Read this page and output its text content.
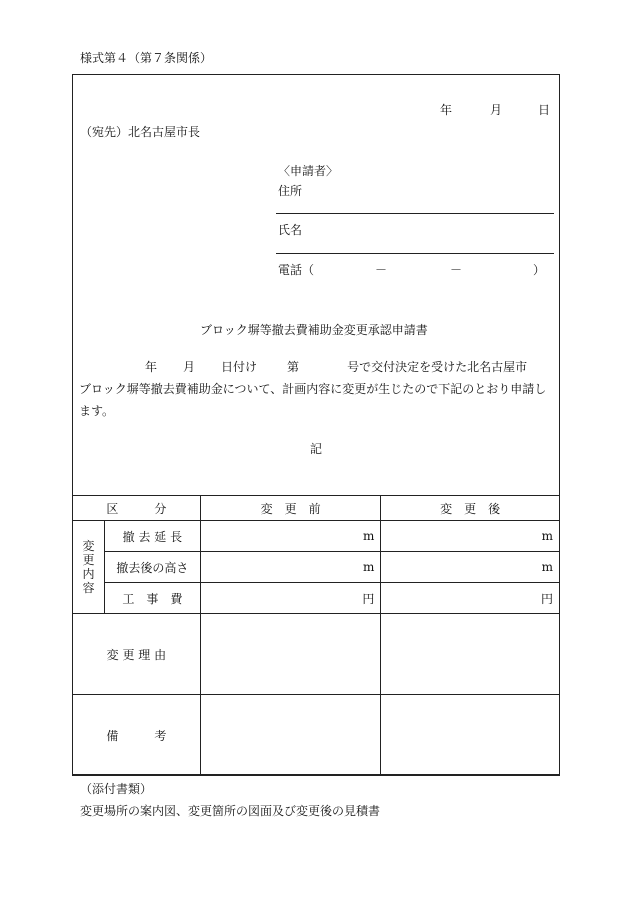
様式第４（第７条関係）
年	月	日
（宛先）北名古屋市長
〈申請者〉
住所
氏名
電話（	－	－	）
ブロック塀等撤去費補助金変更承認申請書
年 月 日付け	第	号で交付決定を受けた北名古屋市
ブロック塀等撤去費補助金について、計画内容に変更が生じたので下記のとおり申請し
ます。
記
区　　　分		変　更　前	変　更　後

変
更
内
容	撤 去 延 長	m	m
	撤去後の高さ	m	m
	工　事　費	円	円
変 更 理 由			
備　　　考			
（添付書類）
変更場所の案内図、変更箇所の図面及び変更後の見積書
